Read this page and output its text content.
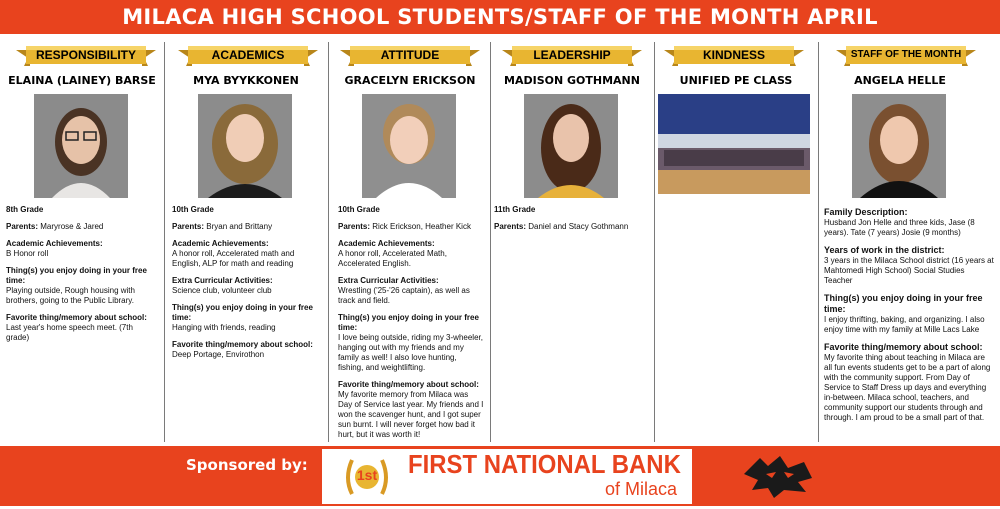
MILACA HIGH SCHOOL STUDENTS/STAFF OF THE MONTH APRIL
RESPONSIBILITY	ACADEMICS	ATTITUDE	LEADERSHIP	KINDNESS	STAFF OF THE MONTH
ELAINA (LAINEY) BARSE	MYA BYYKKONEN	GRACELYN ERICKSON	MADISON GOTHMANN	UNIFIED PE CLASS	ANGELA HELLE

8th Grade

Parents: Maryrose & Jared

Academic Achievements:
B Honor roll

Thing(s) you enjoy doing in your free time:
Playing outside, Rough housing with brothers, going to the Public Library.

Favorite thing/memory about school:
Last year's home speech meet. (7th grade)

10th Grade

Parents: Bryan and Brittany

Academic Achievements:
A honor roll, Accelerated math and English, ALP for math and reading

Extra Curricular Activities:
Science club, volunteer club

Thing(s) you enjoy doing in your free time:
Hanging with friends, reading

Favorite thing/memory about school:
Deep Portage, Envirothon

10th Grade

Parents: Rick Erickson, Heather Kick

Academic Achievements:
A honor roll, Accelerated Math, Accelerated English.

Extra Curricular Activities:
Wrestling ('25-'26 captain), as well as track and field.

Thing(s) you enjoy doing in your free time:
I love being outside, riding my 3-wheeler, hanging out with my friends and my family as well! I also love hunting, fishing, and weightlifting.

Favorite thing/memory about school:
My favorite memory from Milaca was Day of Service last year. My friends and I won the scavenger hunt, and I got super sun burnt. I will never forget how bad it hurt, but it was worth it!

11th Grade

Parents: Daniel and Stacy Gothmann

Family Description:
Husband Jon Helle and three kids, Jase (8 years). Tate (7 years) Josie (9 months)

Years of work in the district:
3 years in the Milaca School district (16 years at Mahtomedi High School) Social Studies Teacher

Thing(s) you enjoy doing in your free time:
I enjoy thrifting, baking, and organizing. I also enjoy time with my family at Mille Lacs Lake

Favorite thing/memory about school:
My favorite thing about teaching in Milaca are all fun events students get to be a part of along with the community support. From Day of Service to Staff Dress up days and everything in-between. Milaca school, teachers, and community support our students through and through. I am proud to be a small part of that.

Sponsored by:
1st	FIRST NATIONAL BANK
of Milaca
